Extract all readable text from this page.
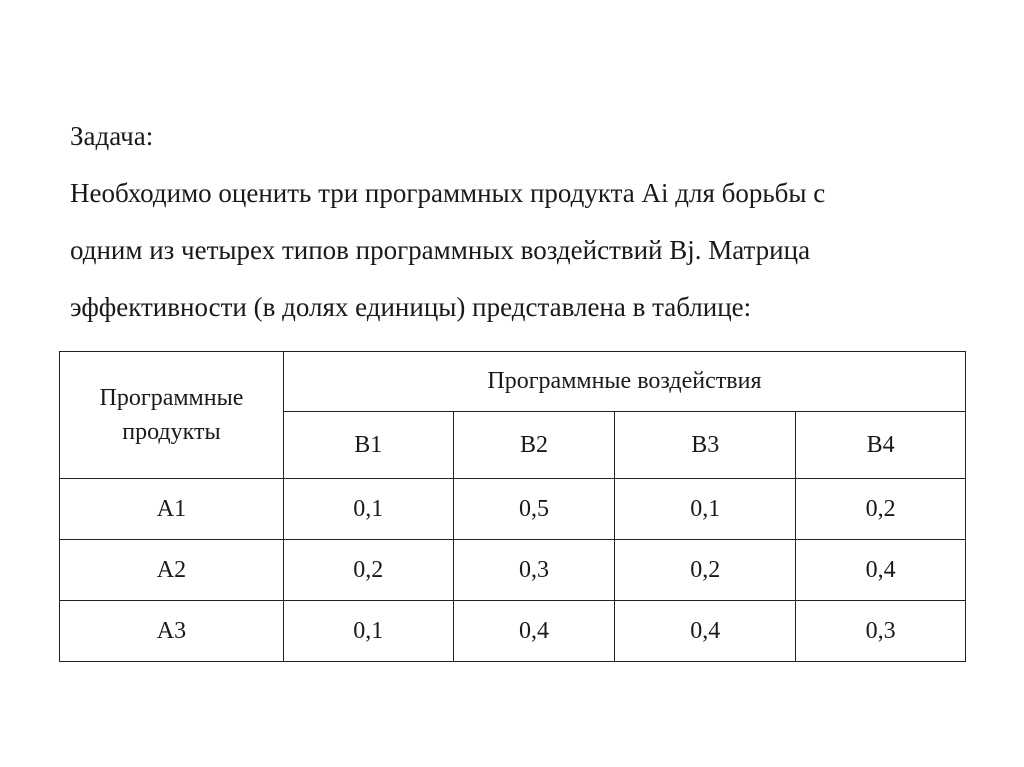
Задача:
Необходимо оценить три программных продукта Ai для борьбы с
одним из четырех типов программных воздействий Bj. Матрица
эффективности (в долях единицы) представлена в таблице:
Программные
продукты	Программные воздействия			
	B1	B2	B3	B4
A1	0,1	0,5	0,1	0,2
A2	0,2	0,3	0,2	0,4
A3	0,1	0,4	0,4	0,3
